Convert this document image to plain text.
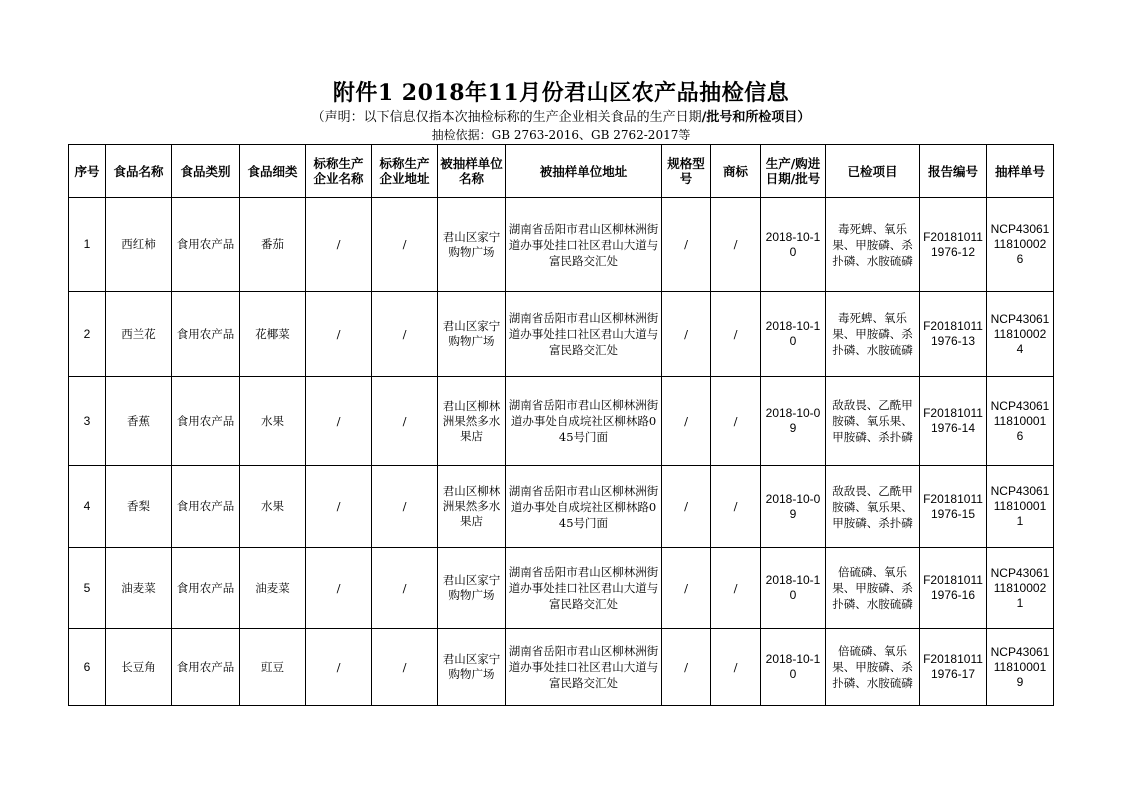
附件1 2018年11月份君山区农产品抽检信息
（声明：以下信息仅指本次抽检标称的生产企业相关食品的生产日期/批号和所检项目）
抽检依据：GB 2763-2016、GB 2762-2017等
序号	食品名称	食品类别	食品细类	标称生产企业名称	标称生产企业地址	被抽样单位名称	被抽样单位地址	规格型号	商标	生产/购进日期/批号	已检项目	报告编号	抽样单号
1	西红柿	食用农产品	番茄	/	/	君山区家宁购物广场	湖南省岳阳市君山区柳林洲街道办事处挂口社区君山大道与富民路交汇处	/	/	2018-10-10	毒死蜱、氧乐果、甲胺磷、杀扑磷、水胺硫磷	F201810111976-12	NCP4306111810002 6
2	西兰花	食用农产品	花椰菜	/	/	君山区家宁购物广场	湖南省岳阳市君山区柳林洲街道办事处挂口社区君山大道与富民路交汇处	/	/	2018-10-10	毒死蜱、氧乐果、甲胺磷、杀扑磷、水胺硫磷	F201810111976-13	NCP4306111810002 4
3	香蕉	食用农产品	水果	/	/	君山区柳林洲果然多水果店	湖南省岳阳市君山区柳林洲街道办事处自成垸社区柳林路045号门面	/	/	2018-10-09	敌敌畏、乙酰甲胺磷、氧乐果、甲胺磷、杀扑磷	F201810111976-14	NCP4306111810001 6
4	香梨	食用农产品	水果	/	/	君山区柳林洲果然多水果店	湖南省岳阳市君山区柳林洲街道办事处自成垸社区柳林路045号门面	/	/	2018-10-09	敌敌畏、乙酰甲胺磷、氧乐果、甲胺磷、杀扑磷	F201810111976-15	NCP4306111810001 1
5	油麦菜	食用农产品	油麦菜	/	/	君山区家宁购物广场	湖南省岳阳市君山区柳林洲街道办事处挂口社区君山大道与富民路交汇处	/	/	2018-10-10	倍硫磷、氧乐果、甲胺磷、杀扑磷、水胺硫磷	F201810111976-16	NCP4306111810002 1
6	长豆角	食用农产品	豇豆	/	/	君山区家宁购物广场	湖南省岳阳市君山区柳林洲街道办事处挂口社区君山大道与富民路交汇处	/	/	2018-10-10	倍硫磷、氧乐果、甲胺磷、杀扑磷、水胺硫磷	F201810111976-17	NCP4306111810001 9
